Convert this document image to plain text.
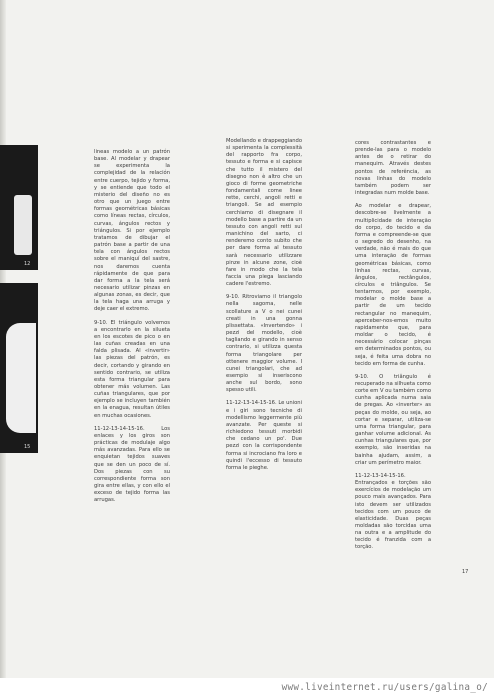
12
15

lineas modelo a un patrón base. Al modelar y drapear se experimenta la complejidad de la relación entre cuerpo, tejido y forma, y se entiende que todo el misterio del diseño no es otro que un juego entre formas geométricas básicas como líneas rectas, círculos, curvas, ángulos rectos y triángulos. Si por ejemplo tratamos de dibujar el patrón base a partir de una tela con ángulos rectos sobre el maniquí del sastre, nos daremos cuenta rápidamente de que para dar forma a la tela será necesario utilizar pinzas en algunas zonas, es decir, que la tela haga una arruga y deje caer el extremo.

9-10. El triángulo volvemos a encontrarlo en la silueta en los escotes de pico o en las cuñas creadas en una falda plisada. Al «invertir» las piezas del patrón, es decir, cortando y girando en sentido contrario, se utiliza esta forma triangular para obtener más volumen. Las cuñas triangulares, que por ejemplo se incluyen también en la enagua, resultan útiles en muchas ocasiones.

11-12-13-14-15-16. Los enlaces y los giros son prácticas de modulaje algo más avanzadas. Para ello se enquietan tejidos suaves que se den un poco de sí. Dos piezas con su correspondiente forma son gira entre ellas, y con ello el exceso de tejido forma las arrugas.

Modellando e drappeggiando si sperimenta la complessità del rapporto fra corpo, tessuto e forma e si capisce che tutto il mistero del disegno non è altro che un gioco di forme geometriche fondamentali come linee rette, cerchi, angoli retti e triangoli. Se ad esempio cerchiamo di disegnare il modello base a partire da un tessuto con angoli retti sul manichino del sarto, ci renderemo conto subito che per dare forma al tessuto sarà necessario utilizzare pinze in alcune zone, cioè fare in modo che la tela faccia una piega lasciando cadere l'estremo.

9-10. Ritroviamo il triangolo nella sagoma, nelle scollature a V o nei cunei creati in una gonna plissettata. «Invertendo» i pezzi del modello, cioè tagliando e girando in senso contrario, si utilizza questa forma triangolare per ottenere maggior volume. I cunei triangolari, che ad esempio si inseriscono anche sul bordo, sono spesso utili.

11-12-13-14-15-16. Le unioni e i giri sono tecniche di modellismo leggermente più avanzate. Per queste si richiedono tessuti morbidi che cedano un po'. Due pezzi con la corrispondente forma si incrociano fra loro e quindi l'eccesso di tessuto forma le pieghe.

cores contrastantes e prende-las para o modelo antes de o retirar do manequim. Através destes pontos de referência, as novas linhas do modelo também podem ser integradas num molde base.

Ao modelar e drapear, descobre-se livelmente a multiplicidade de interação do corpo, do tecido e da forma e compreende-se que o segredo do desenho, na verdade, não é mais do que uma interação de formas geométricas básicas, como linhas rectas, curvas, ângulos, rectângulos, círculos e triângulos. Se tentarmos, por exemplo, modelar o molde base a partir de um tecido rectangular no manequim, aperceber-nos-emos muito rapidamente que, para moldar o tecido, é necessário colocar pinças em determinados pontos, ou seja, é feita uma dobra no tecido em forma de cunha.

9-10. O triângulo é recuperado na silhueta como corte em V ou também como cunha aplicada numa saia de pregas. Ao «inverter» as peças do molde, ou seja, ao cortar e separar, utiliza-se uma forma triangular, para ganhar volume adicional. As cunhas triangulares que, por exemplo, são inseridas na bainha ajudam, assim, a criar um perímetro maior.

11-12-13-14-15-16. Entrançados e torções são exercícios de modelação um pouco mais avançados. Para isto devem ser utilizados tecidos com um pouco de elasticidade. Duas peças moldadas são torcidas uma na outra e a amplitude do tecido é franzida com a torção.

17
www.liveinternet.ru/users/galina_o/
